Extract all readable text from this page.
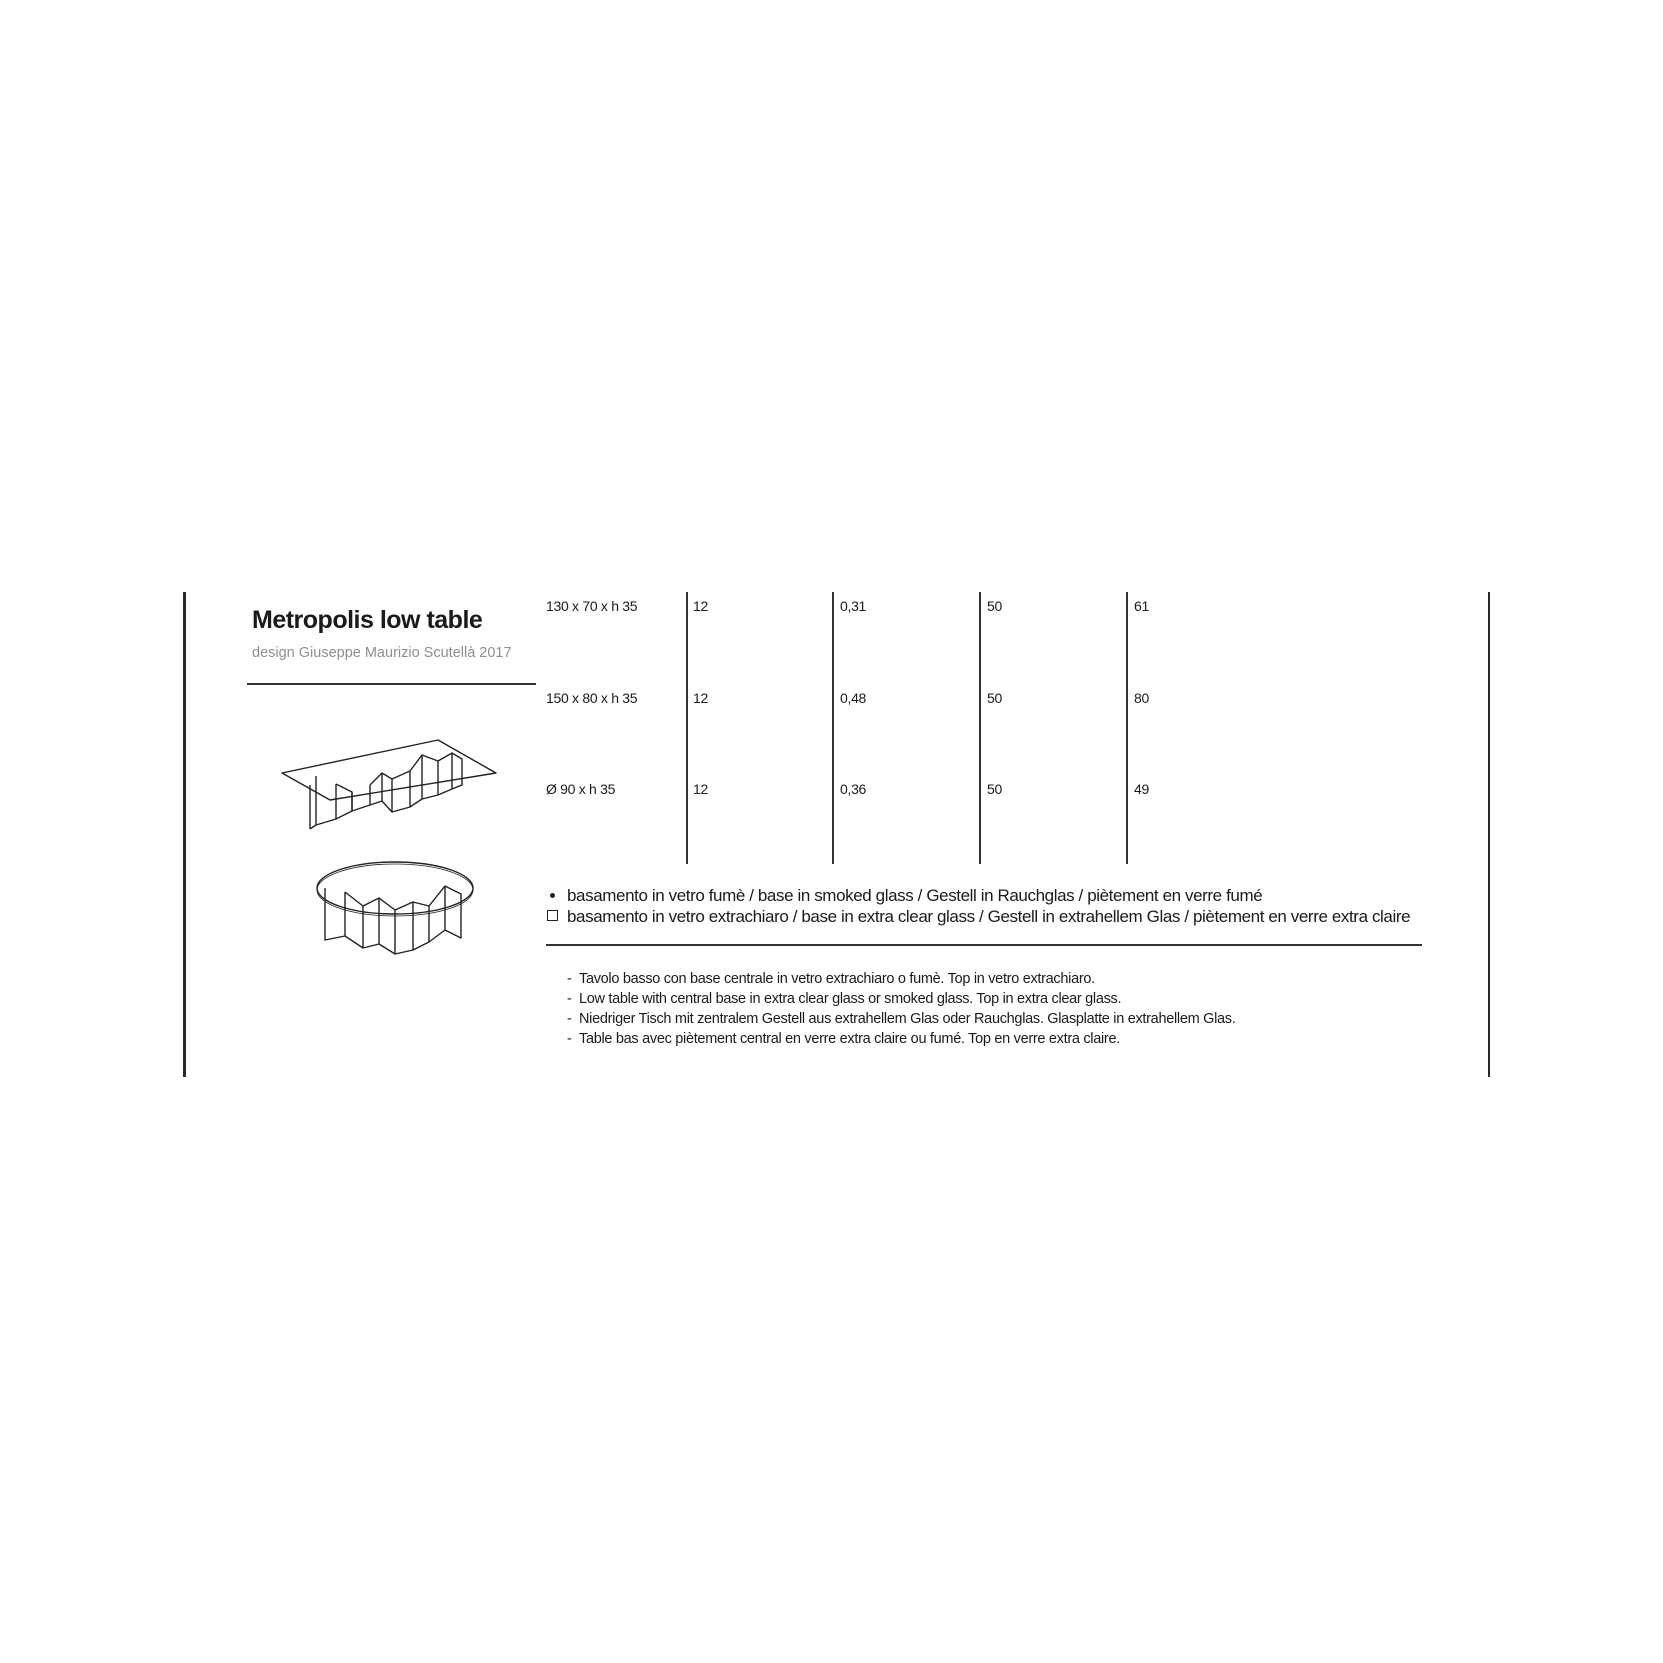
Metropolis low table
design Giuseppe Maurizio Scutellà 2017
130 x 70 x h 35	12	0,31	50	61
150 x 80 x h 35	12	0,48	50	80
Ø 90 x h 35	12	0,36	50	49
basamento in vetro fumè / base in smoked glass / Gestell in Rauchglas / piètement en verre fumé
basamento in vetro extrachiaro / base in extra clear glass / Gestell in extrahellem Glas / piètement en verre extra claire
- Tavolo basso con base centrale in vetro extrachiaro o fumè. Top in vetro extrachiaro.
- Low table with central base in extra clear glass or smoked glass. Top in extra clear glass.
- Niedriger Tisch mit zentralem Gestell aus extrahellem Glas oder Rauchglas. Glasplatte in extrahellem Glas.
- Table bas avec piètement central en verre extra claire ou fumé. Top en verre extra claire.
